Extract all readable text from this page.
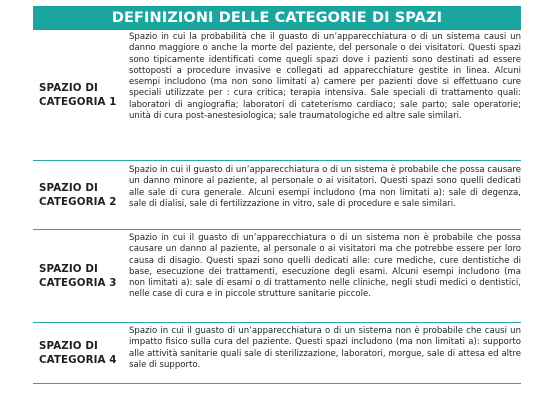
DEFINIZIONI DELLE CATEGORIE DI SPAZI
SPAZIO DI
CATEGORIA 1
Spazio in cui la probabilità che il guasto di un’apparecchiatura o di un sistema causi un danno maggiore o anche la morte del paziente, del personale o dei visitatori. Questi spazi sono tipicamente identificati come quegli spazi dove i pazienti sono destinati ad essere sottoposti a procedure invasive e collegati ad apparecchiature gestite in linea. Alcuni esempi includono (ma non sono limitati a) camere per pazienti dove si effettuano cure speciali utilizzate per : cura critica; terapia intensiva. Sale speciali di trattamento quali: laboratori di angiografia; laboratori di cateterismo cardiaco; sale parto; sale operatorie; unità di cura post-anestesiologica; sale traumatologiche ed altre sale similari.
SPAZIO DI
CATEGORIA 2
Spazio in cui il guasto di un’apparecchiatura o di un sistema è probabile che possa causare un danno minore al paziente, al personale o ai visitatori. Questi spazi sono quelli dedicati alle sale di cura generale. Alcuni esempi includono (ma non limitati a): sale di degenza, sale di dialisi, sale di fertilizzazione in vitro, sale di procedure e sale similari.
SPAZIO DI
CATEGORIA 3
Spazio in cui il guasto di un’apparecchiatura o di un sistema non è probabile che possa causare un danno al paziente, al personale o ai visitatori ma che potrebbe essere per loro causa di disagio. Questi spazi sono quelli dedicati alle: cure mediche, cure dentistiche di base, esecuzione dei trattamenti, esecuzione degli esami. Alcuni esempi includono (ma non limitati a): sale di esami o di trattamento nelle cliniche, negli studi medici o dentistici, nelle case di cura e in piccole strutture sanitarie piccole.
SPAZIO DI
CATEGORIA 4
Spazio in cui il guasto di un’apparecchiatura o di un sistema non è probabile che causi un impatto fisico sulla cura del paziente. Questi spazi includono (ma non limitati a): supporto alle attività sanitarie quali sale di sterilizzazione, laboratori, morgue, sale di attesa ed altre sale di supporto.
